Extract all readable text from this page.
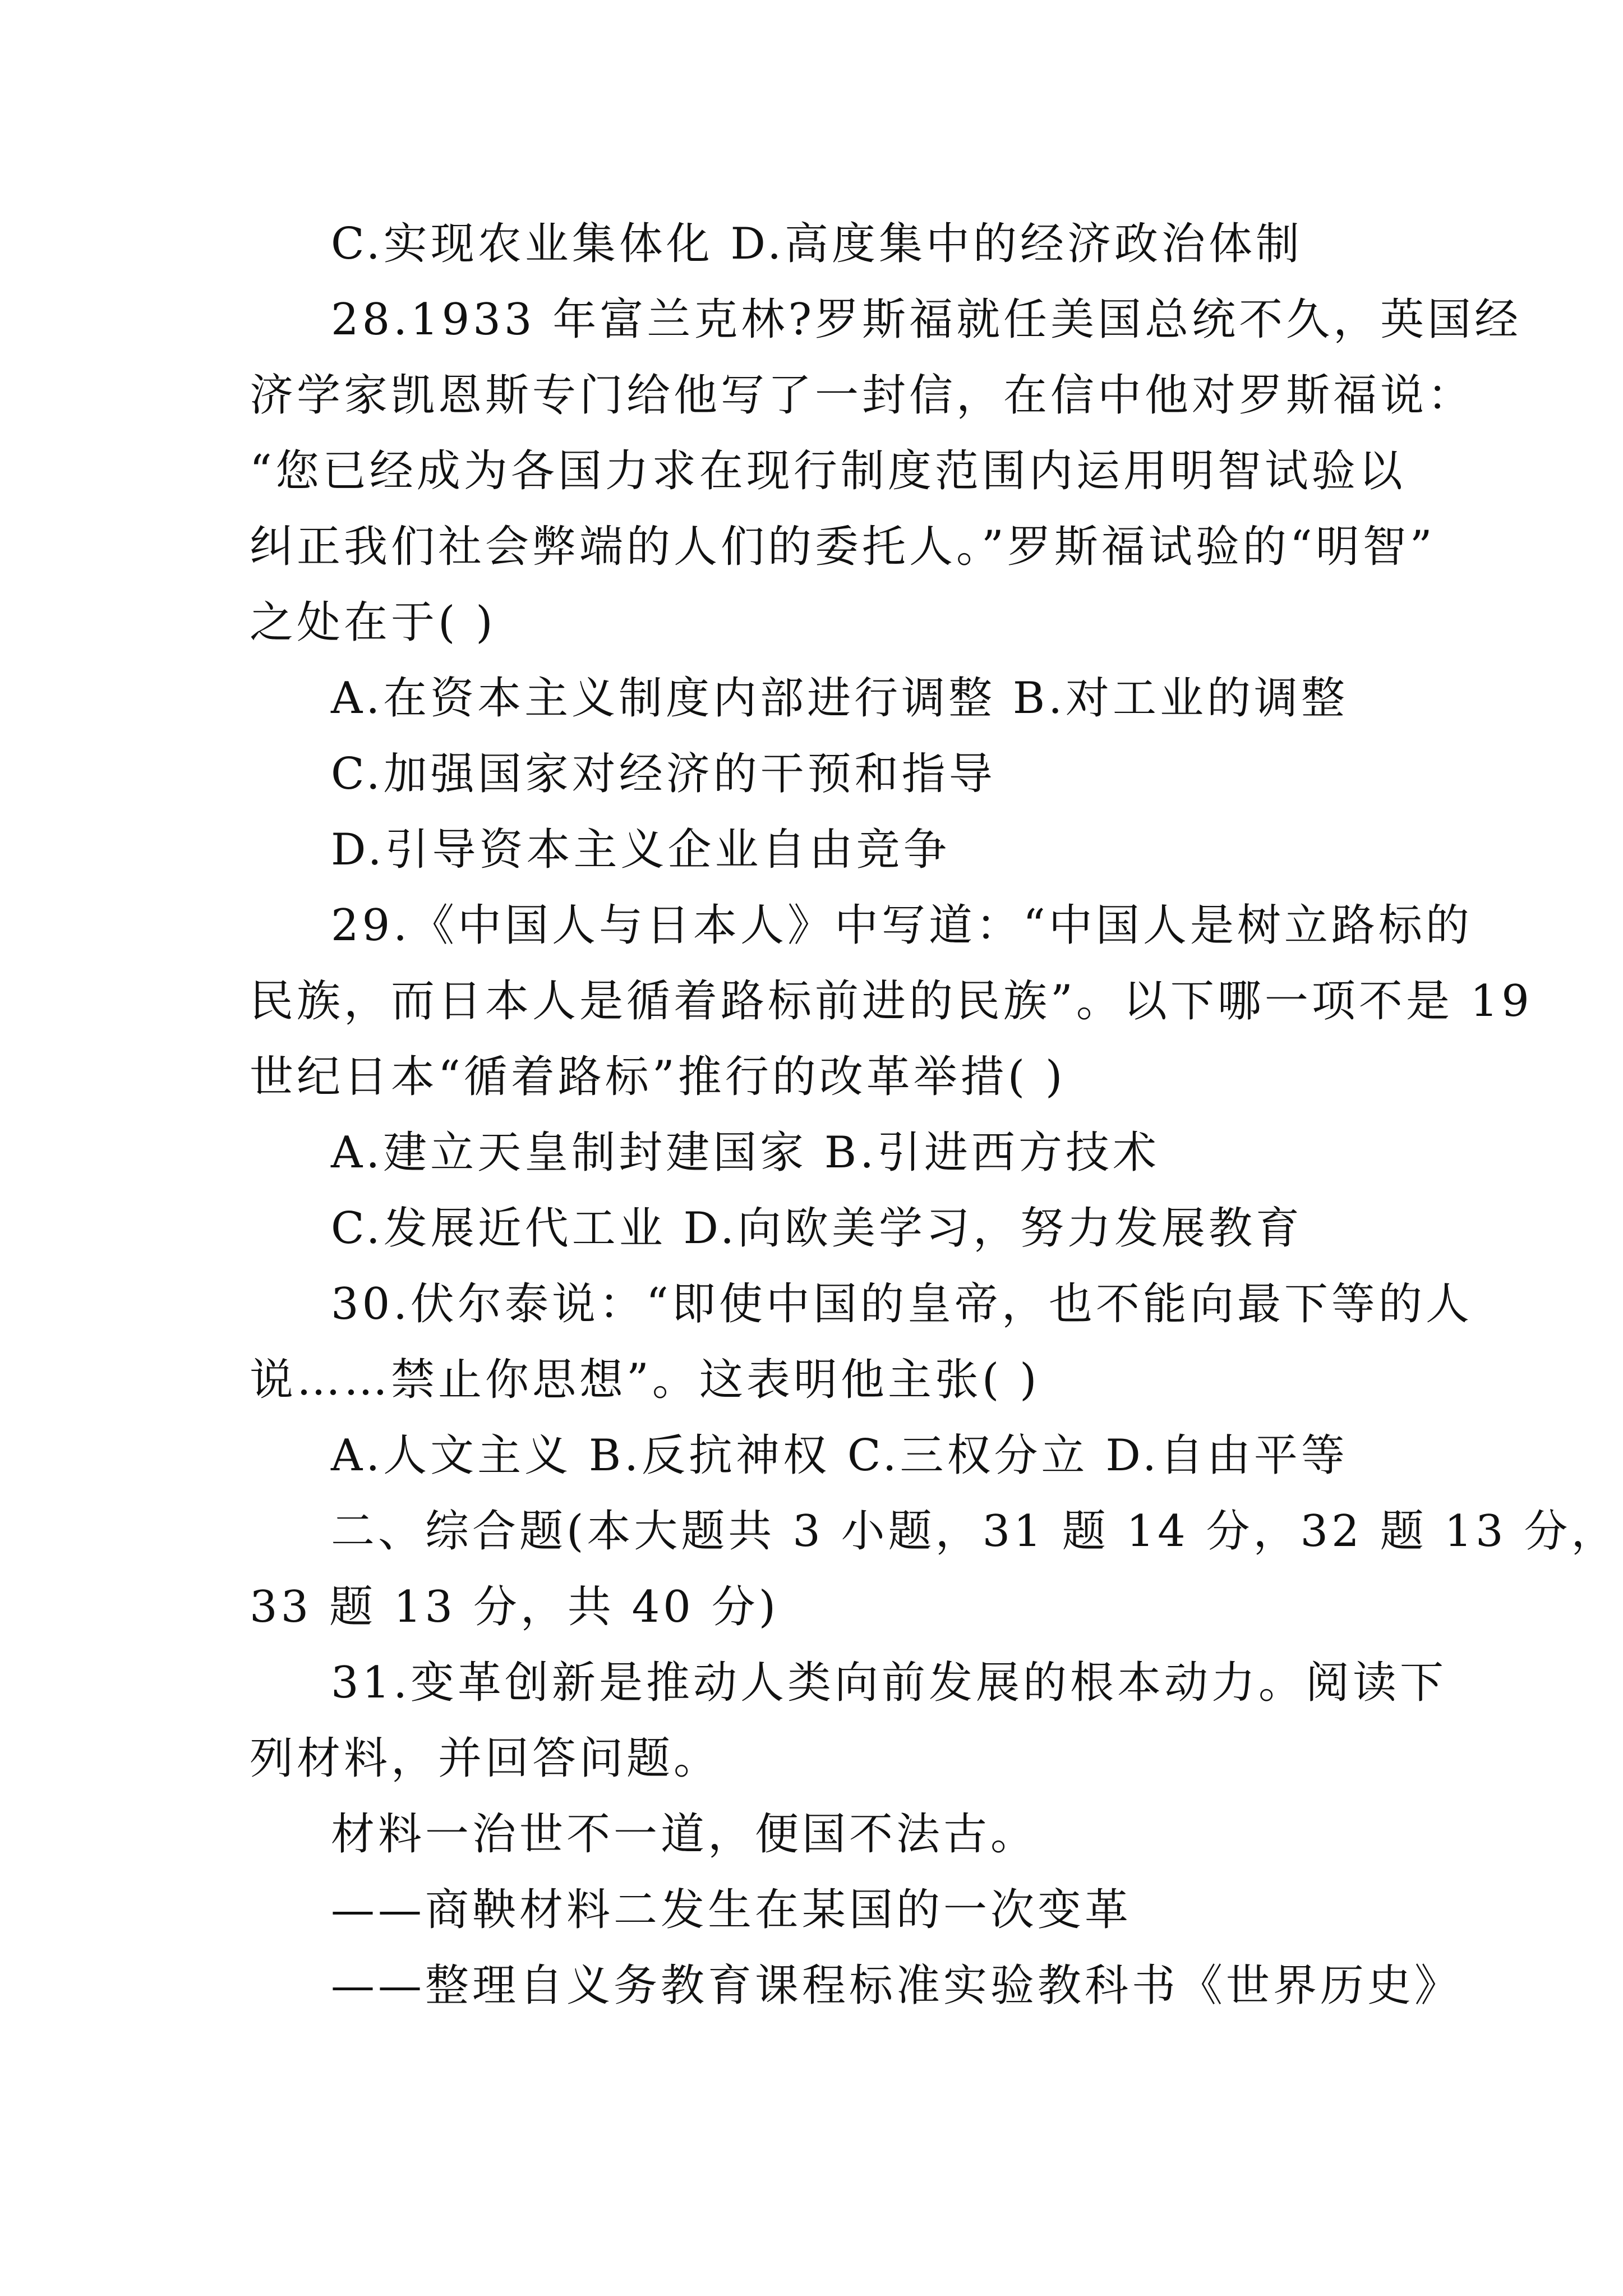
C.实现农业集体化 D.高度集中的经济政治体制
28.1933 年富兰克林?罗斯福就任美国总统不久，英国经
济学家凯恩斯专门给他写了一封信，在信中他对罗斯福说：
“您已经成为各国力求在现行制度范围内运用明智试验以
纠正我们社会弊端的人们的委托人。”罗斯福试验的“明智”
之处在于( )
A.在资本主义制度内部进行调整 B.对工业的调整
C.加强国家对经济的干预和指导
D.引导资本主义企业自由竞争
29.《中国人与日本人》中写道：“中国人是树立路标的
民族，而日本人是循着路标前进的民族”。以下哪一项不是 19
世纪日本“循着路标”推行的改革举措( )
A.建立天皇制封建国家 B.引进西方技术
C.发展近代工业 D.向欧美学习，努力发展教育
30.伏尔泰说：“即使中国的皇帝，也不能向最下等的人
说……禁止你思想”。这表明他主张( )
A.人文主义 B.反抗神权 C.三权分立 D.自由平等
二、综合题(本大题共 3 小题，31 题 14 分，32 题 13 分，
33 题 13 分，共 40 分)
31.变革创新是推动人类向前发展的根本动力。阅读下
列材料，并回答问题。
材料一治世不一道，便国不法古。
——商鞅材料二发生在某国的一次变革
——整理自义务教育课程标准实验教科书《世界历史》
